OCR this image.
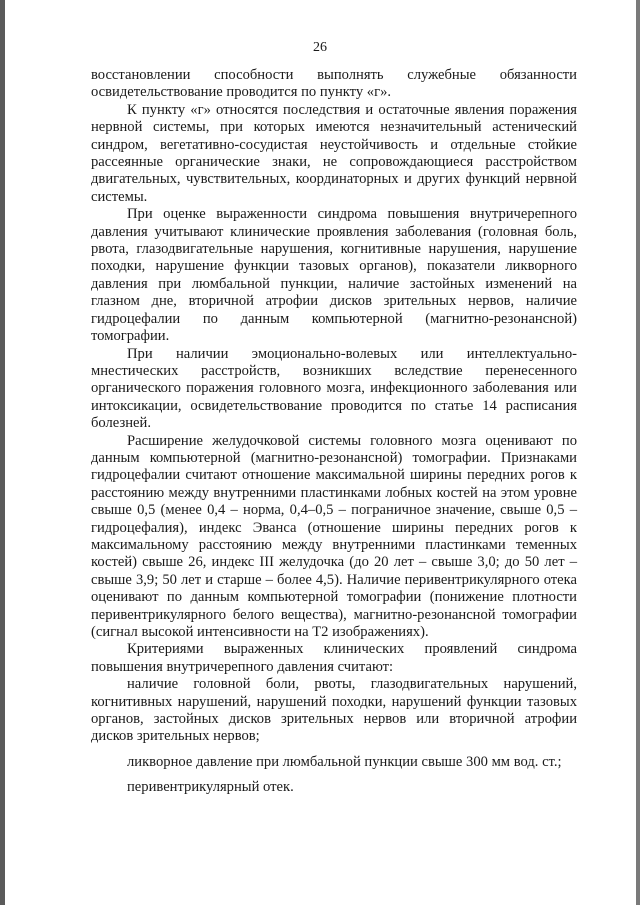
26

восстановлении способности выполнять служебные обязанности освидетельствование проводится по пункту «г».

К пункту «г» относятся последствия и остаточные явления поражения нервной системы, при которых имеются незначительный астенический синдром, вегетативно-сосудистая неустойчивость и отдельные стойкие рассеянные органические знаки, не сопровождающиеся расстройством двигательных, чувствительных, координаторных и других функций нервной системы.

При оценке выраженности синдрома повышения внутричерепного давления учитывают клинические проявления заболевания (головная боль, рвота, глазодвигательные нарушения, когнитивные нарушения, нарушение походки, нарушение функции тазовых органов), показатели ликворного давления при люмбальной пункции, наличие застойных изменений на глазном дне, вторичной атрофии дисков зрительных нервов, наличие гидроцефалии по данным компьютерной (магнитно-резонансной) томографии.

При наличии эмоционально-волевых или интеллектуально-мнестических расстройств, возникших вследствие перенесенного органического поражения головного мозга, инфекционного заболевания или интоксикации, освидетельствование проводится по статье 14 расписания болезней.

Расширение желудочковой системы головного мозга оценивают по данным компьютерной (магнитно-резонансной) томографии. Признаками гидроцефалии считают отношение максимальной ширины передних рогов к расстоянию между внутренними пластинками лобных костей на этом уровне свыше 0,5 (менее 0,4 – норма, 0,4–0,5 – пограничное значение, свыше 0,5 – гидроцефалия), индекс Эванса (отношение ширины передних рогов к максимальному расстоянию между внутренними пластинками теменных костей) свыше 26, индекс III желудочка (до 20 лет – свыше 3,0; до 50 лет – свыше 3,9; 50 лет и старше – более 4,5). Наличие перивентрикулярного отека оценивают по данным компьютерной томографии (понижение плотности перивентрикулярного белого вещества), магнитно-резонансной томографии (сигнал высокой интенсивности на Т2 изображениях).

Критериями выраженных клинических проявлений синдрома повышения внутричерепного давления считают:

наличие головной боли, рвоты, глазодвигательных нарушений, когнитивных нарушений, нарушений походки, нарушений функции тазовых органов, застойных дисков зрительных нервов или вторичной атрофии дисков зрительных нервов;

ликворное давление при люмбальной пункции свыше 300 мм вод. ст.;

перивентрикулярный отек.
